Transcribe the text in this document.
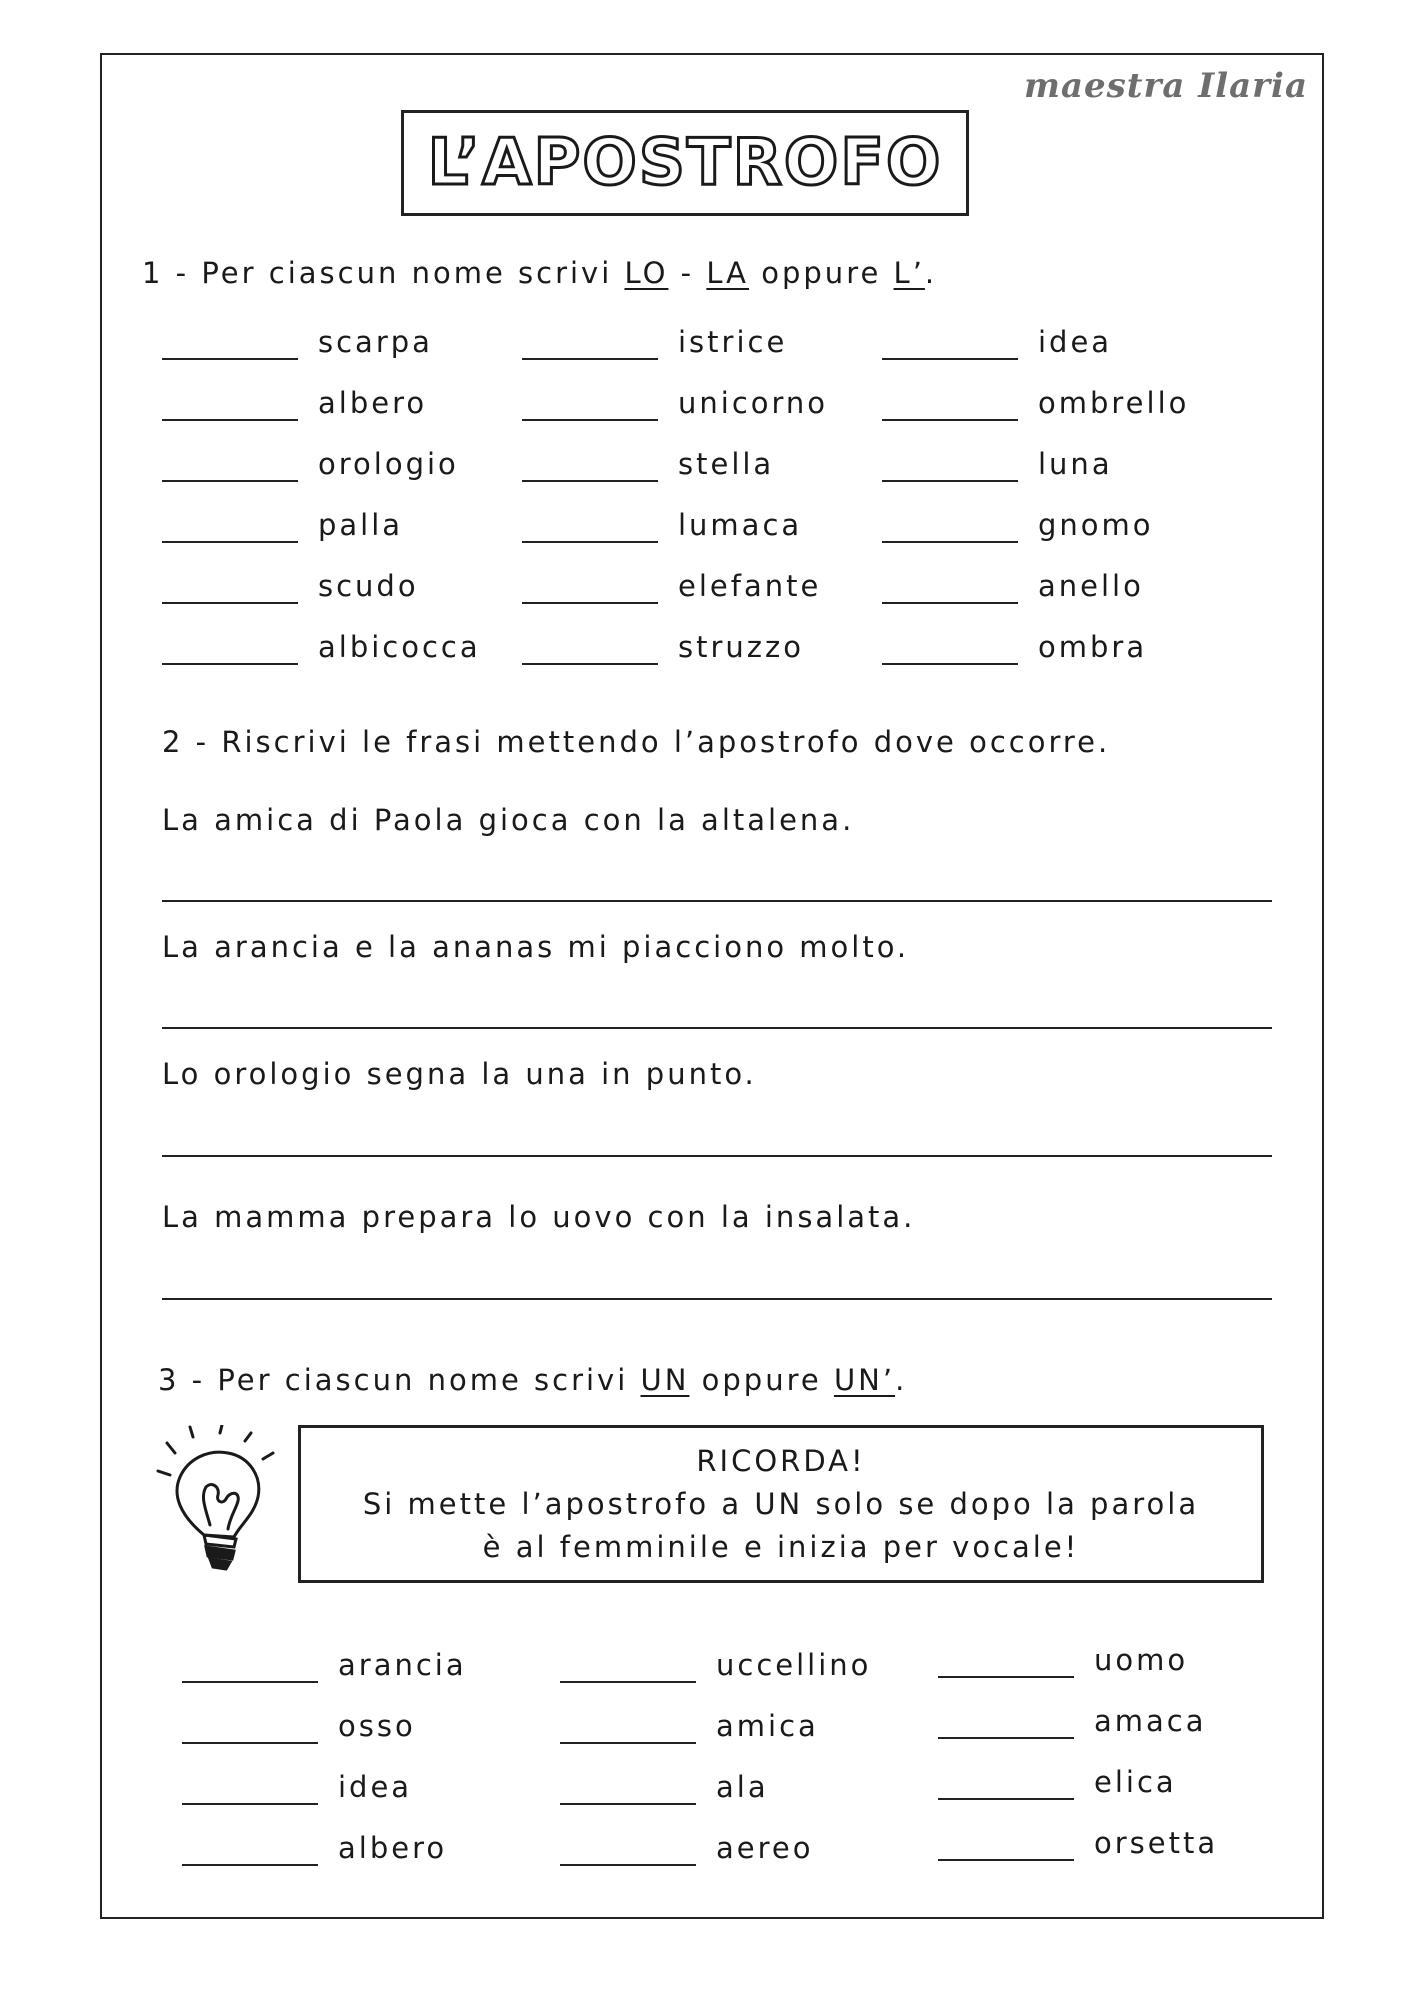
maestra Ilaria
L’APOSTROFO
1 - Per ciascun nome scrivi LO - LA oppure L’.
scarpa
albero
orologio
palla
scudo
albicocca
istrice
unicorno
stella
lumaca
elefante
struzzo
idea
ombrello
luna
gnomo
anello
ombra
2 - Riscrivi le frasi mettendo l’apostrofo dove occorre.
La amica di Paola gioca con la altalena.
La arancia e la ananas mi piacciono molto.
Lo orologio segna la una in punto.
La mamma prepara lo uovo con la insalata.
3 - Per ciascun nome scrivi UN oppure UN’.
RICORDA!
Si mette l’apostrofo a UN solo se dopo la parola
è al femminile e inizia per vocale!
arancia
osso
idea
albero
uccellino
amica
ala
aereo
uomo
amaca
elica
orsetta
